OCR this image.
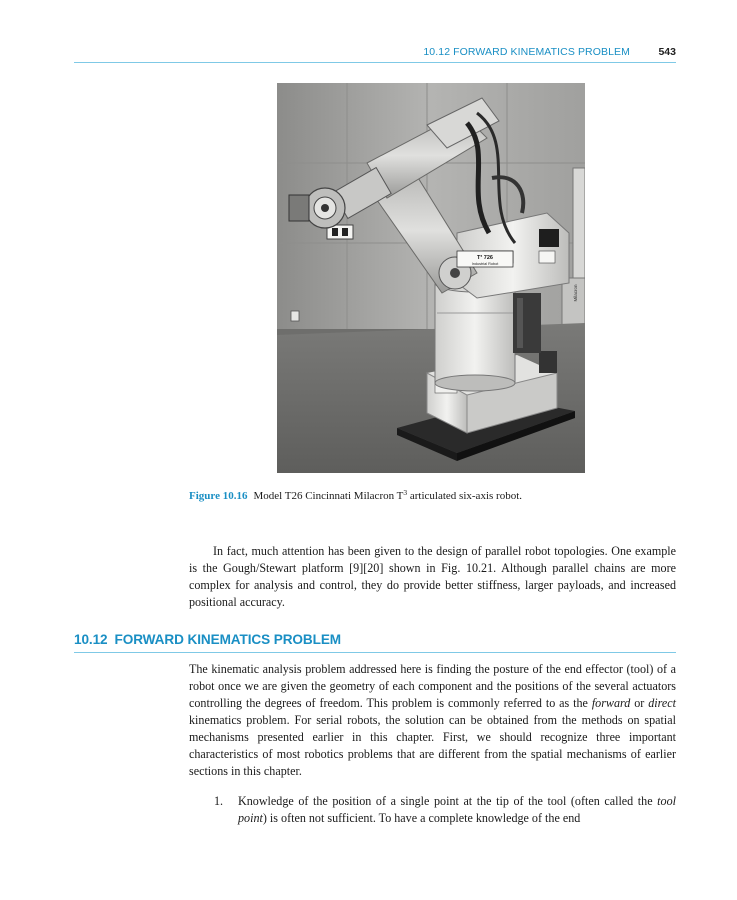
10.12 FORWARD KINEMATICS PROBLEM	543
T³ 726
Industrial Robot
Milacron
Figure 10.16 Model T26 Cincinnati Milacron $T^3$ articulated six-axis robot.

In fact, much attention has been given to the design of parallel robot topologies. One example is the Gough/Stewart platform [9][20] shown in Fig. 10.21. Although parallel chains are more complex for analysis and control, they do provide better stiffness, larger payloads, and increased positional accuracy.

10.12 FORWARD KINEMATICS PROBLEM

The kinematic analysis problem addressed here is finding the posture of the end effector (tool) of a robot once we are given the geometry of each component and the positions of the several actuators controlling the degrees of freedom. This problem is commonly referred to as the forward or direct kinematics problem. For serial robots, the solution can be obtained from the methods on spatial mechanisms presented earlier in this chapter. First, we should recognize three important characteristics of most robotics problems that are different from the spatial mechanisms of earlier sections in this chapter.

1. Knowledge of the position of a single point at the tip of the tool (often called the tool point) is often not sufficient. To have a complete knowledge of the end
